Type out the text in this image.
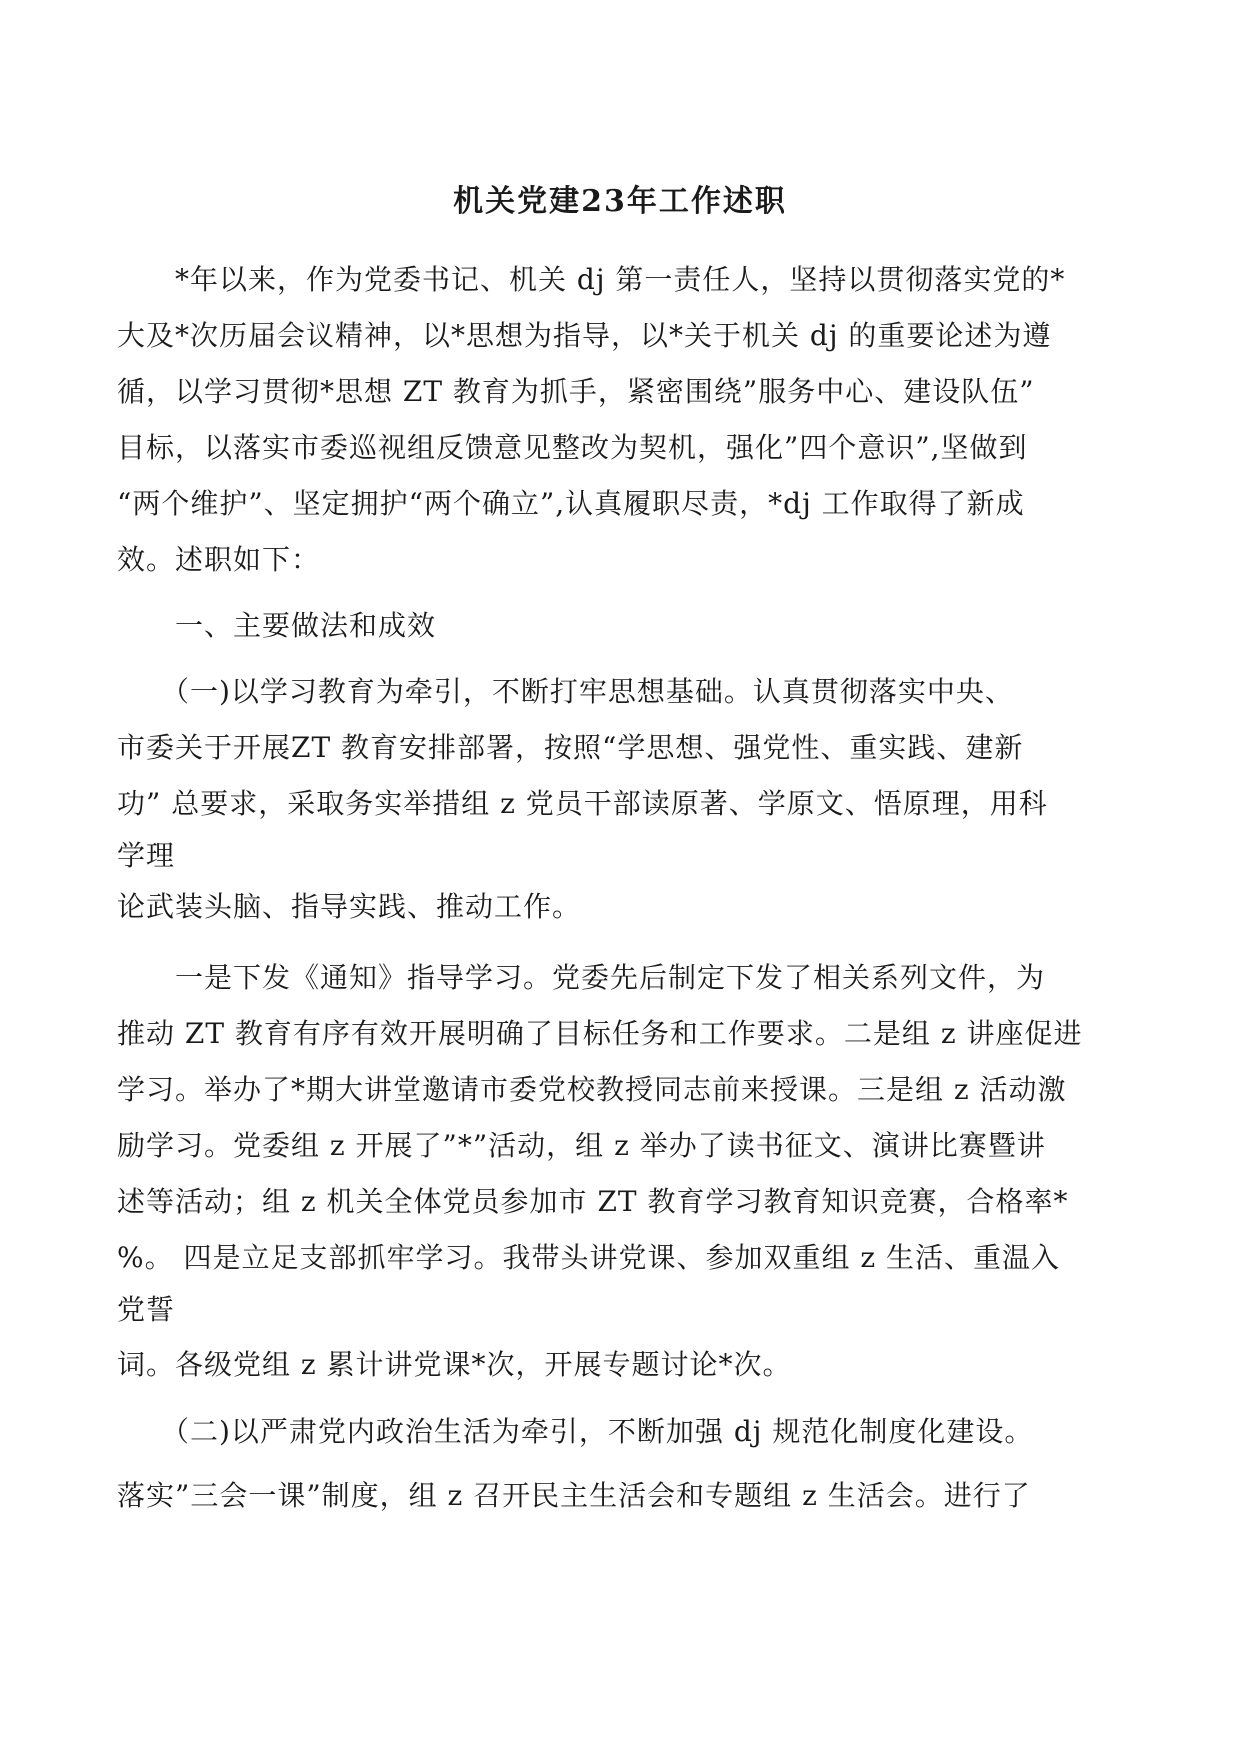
机关党建23年工作述职
　　*年以来，作为党委书记、机关 dj 第一责任人，坚持以贯彻落实党的*
大及*次历届会议精神，以*思想为指导，以*关于机关 dj 的重要论述为遵
循，以学习贯彻*思想 ZT 教育为抓手，紧密围绕”服务中心、建设队伍”
目标，以落实市委巡视组反馈意见整改为契机，强化”四个意识”,坚做到
“两个维护”、坚定拥护“两个确立”,认真履职尽责，*dj 工作取得了新成
效。述职如下：
　　一、主要做法和成效
　　（一)以学习教育为牵引，不断打牢思想基础。认真贯彻落实中央、
市委关于开展ZT 教育安排部署，按照“学思想、强党性、重实践、建新
功” 总要求，采取务实举措组 z 党员干部读原著、学原文、悟原理，用科
学理
论武装头脑、指导实践、推动工作。
　　一是下发《通知》指导学习。党委先后制定下发了相关系列文件，为
推动 ZT 教育有序有效开展明确了目标任务和工作要求。二是组 z 讲座促进
学习。举办了*期大讲堂邀请市委党校教授同志前来授课。三是组 z 活动激
励学习。党委组 z 开展了”*”活动，组 z 举办了读书征文、演讲比赛暨讲
述等活动；组 z 机关全体党员参加市 ZT 教育学习教育知识竞赛，合格率*
%。 四是立足支部抓牢学习。我带头讲党课、参加双重组 z 生活、重温入
党誓
词。各级党组 z 累计讲党课*次，开展专题讨论*次。
　　（二)以严肃党内政治生活为牵引，不断加强 dj 规范化制度化建设。
落实”三会一课”制度，组 z 召开民主生活会和专题组 z 生活会。进行了
